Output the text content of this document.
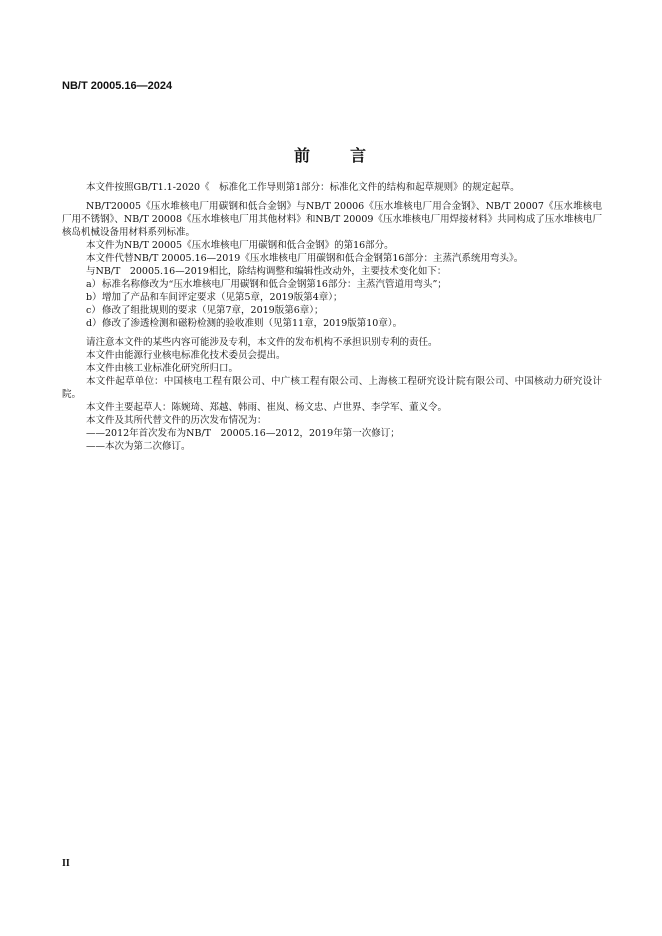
NB/T 20005.16—2024
前 言
本文件按照GB/T1.1-2020《　标准化工作导则第1部分：标准化文件的结构和起草规则》的规定起草。
NB/T20005《压水堆核电厂用碳钢和低合金钢》与NB/T 20006《压水堆核电厂用合金钢》、NB/T 20007《压水堆核电厂用不锈钢》、NB/T 20008《压水堆核电厂用其他材料》和NB/T 20009《压水堆核电厂用焊接材料》共同构成了压水堆核电厂核岛机械设备用材料系列标准。
本文件为NB/T 20005《压水堆核电厂用碳钢和低合金钢》的第16部分。
本文件代替NB/T 20005.16—2019《压水堆核电厂用碳钢和低合金钢第16部分：主蒸汽系统用弯头》。
与NB/T　20005.16—2019相比，除结构调整和编辑性改动外，主要技术变化如下：
a）标准名称修改为“压水堆核电厂用碳钢和低合金钢第16部分：主蒸汽管道用弯头”；
b）增加了产品和车间评定要求（见第5章，2019版第4章）；
c）修改了组批规则的要求（见第7章，2019版第6章）；
d）修改了渗透检测和磁粉检测的验收准则（见第11章，2019版第10章）。
请注意本文件的某些内容可能涉及专利，本文件的发布机构不承担识别专利的责任。
本文件由能源行业核电标准化技术委员会提出。
本文件由核工业标准化研究所归口。
本文件起草单位：中国核电工程有限公司、中广核工程有限公司、上海核工程研究设计院有限公司、中国核动力研究设计院。
本文件主要起草人：陈婉琦、郑越、韩雨、崔岚、杨文忠、卢世界、李学军、董义令。
本文件及其所代替文件的历次发布情况为：
——2012年首次发布为NB/T　20005.16—2012，2019年第一次修订；
——本次为第二次修订。
II
